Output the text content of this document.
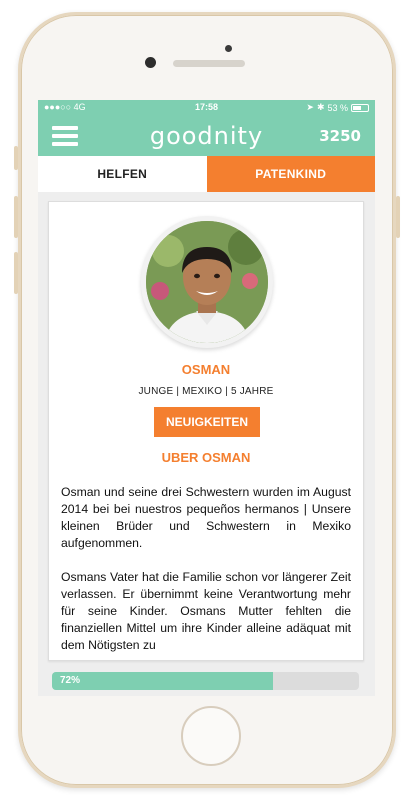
●●●○○ 4G	17:58	➤ ✱ 53 %
goodnity	3250
HELFEN	PATENKIND
OSMAN
JUNGE | MEXIKO | 5 JAHRE
NEUIGKEITEN
UBER OSMAN

Osman und seine drei Schwestern wurden im August 2014 bei bei nuestros pequeños hermanos | Unsere kleinen Brüder und Schwestern in Mexiko aufgenommen.

Osmans Vater hat die Familie schon vor längerer Zeit verlassen. Er übernimmt keine Verantwortung mehr für seine Kinder. Osmans Mutter fehlten die finanziellen Mittel um ihre Kinder alleine adäquat mit dem Nötigsten zu

72%
